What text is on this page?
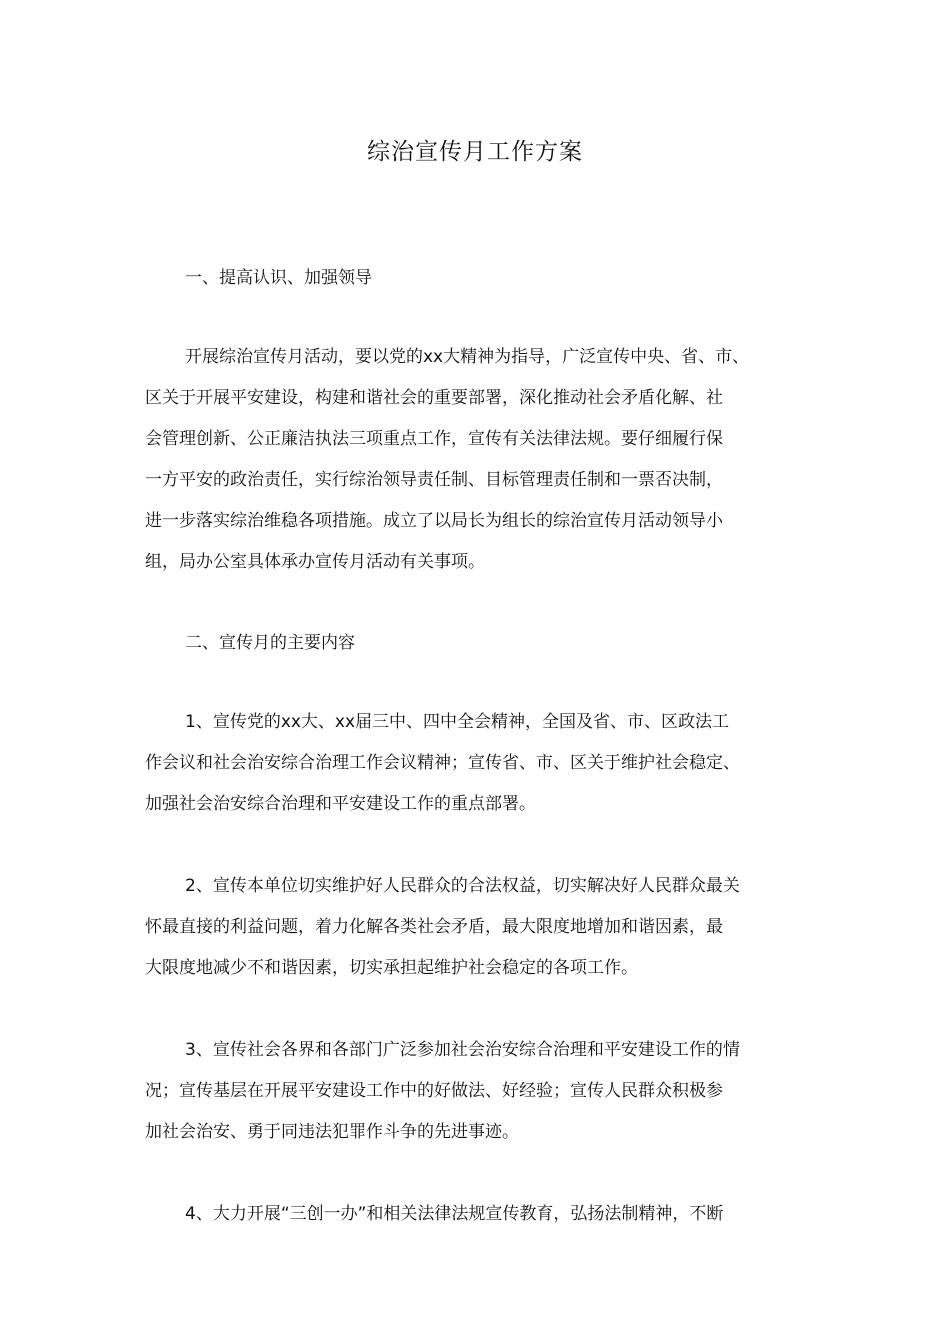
综治宣传月工作方案
一、提高认识、加强领导
开展综治宣传月活动，要以党的xx大精神为指导，广泛宣传中央、省、市、
区关于开展平安建设，构建和谐社会的重要部署，深化推动社会矛盾化解、社
会管理创新、公正廉洁执法三项重点工作，宣传有关法律法规。要仔细履行保
一方平安的政治责任，实行综治领导责任制、目标管理责任制和一票否决制，
进一步落实综治维稳各项措施。成立了以局长为组长的综治宣传月活动领导小
组，局办公室具体承办宣传月活动有关事项。
二、宣传月的主要内容
1、宣传党的xx大、xx届三中、四中全会精神，全国及省、市、区政法工
作会议和社会治安综合治理工作会议精神；宣传省、市、区关于维护社会稳定、
加强社会治安综合治理和平安建设工作的重点部署。
2、宣传本单位切实维护好人民群众的合法权益，切实解决好人民群众最关
怀最直接的利益问题，着力化解各类社会矛盾，最大限度地增加和谐因素，最
大限度地减少不和谐因素，切实承担起维护社会稳定的各项工作。
3、宣传社会各界和各部门广泛参加社会治安综合治理和平安建设工作的情
况；宣传基层在开展平安建设工作中的好做法、好经验；宣传人民群众积极参
加社会治安、勇于同违法犯罪作斗争的先进事迹。
4、大力开展“三创一办”和相关法律法规宣传教育，弘扬法制精神，不断
